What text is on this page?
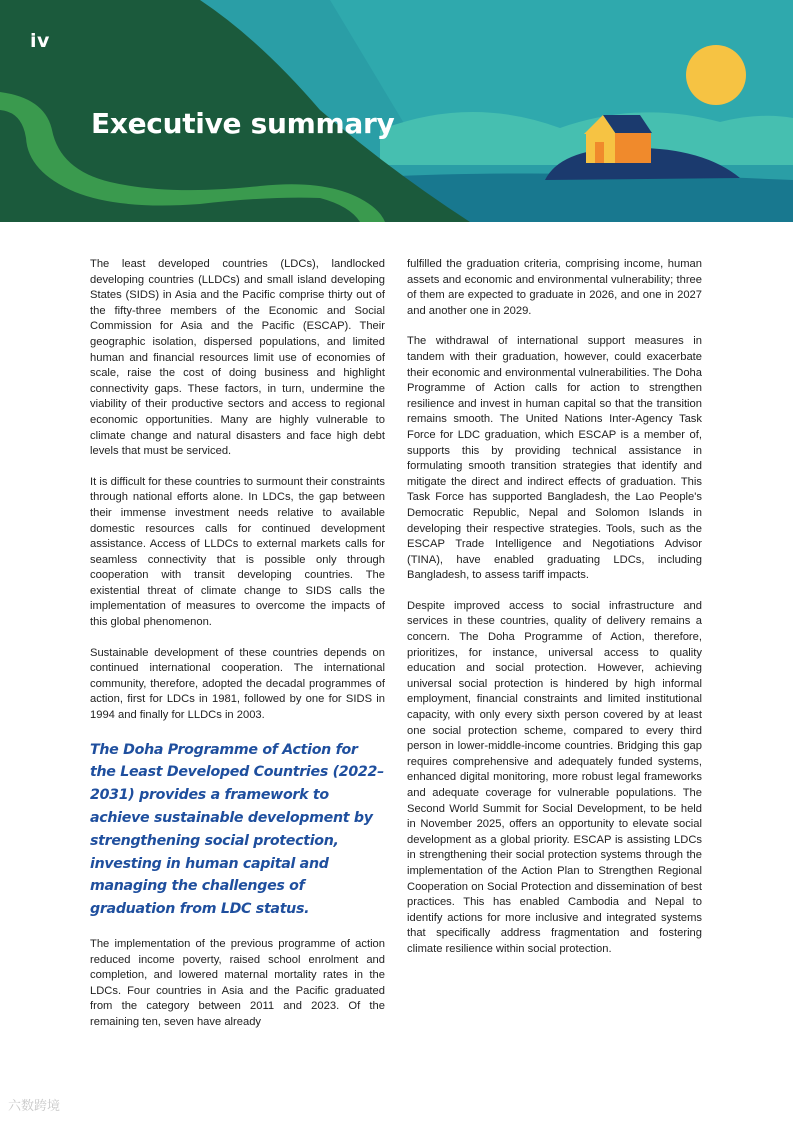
iv
Executive summary

The least developed countries (LDCs), landlocked developing countries (LLDCs) and small island developing States (SIDS) in Asia and the Pacific comprise thirty out of the fifty-three members of the Economic and Social Commission for Asia and the Pacific (ESCAP). Their geographic isolation, dispersed populations, and limited human and financial resources limit use of economies of scale, raise the cost of doing business and highlight connectivity gaps. These factors, in turn, undermine the viability of their productive sectors and access to regional economic opportunities. Many are highly vulnerable to climate change and natural disasters and face high debt levels that must be serviced.

It is difficult for these countries to surmount their constraints through national efforts alone. In LDCs, the gap between their immense investment needs relative to available domestic resources calls for continued development assistance. Access of LLDCs to external markets calls for seamless connectivity that is possible only through cooperation with transit developing countries. The existential threat of climate change to SIDS calls the implementation of measures to overcome the impacts of this global phenomenon.

Sustainable development of these countries depends on continued international cooperation. The international community, therefore, adopted the decadal programmes of action, first for LDCs in 1981, followed by one for SIDS in 1994 and finally for LLDCs in 2003.

The Doha Programme of Action for the Least Developed Countries (2022–2031) provides a framework to achieve sustainable development by strengthening social protection, investing in human capital and managing the challenges of graduation from LDC status.

The implementation of the previous programme of action reduced income poverty, raised school enrolment and completion, and lowered maternal mortality rates in the LDCs. Four countries in Asia and the Pacific graduated from the category between 2011 and 2023. Of the remaining ten, seven have already

fulfilled the graduation criteria, comprising income, human assets and economic and environmental vulnerability; three of them are expected to graduate in 2026, and one in 2027 and another one in 2029.

The withdrawal of international support measures in tandem with their graduation, however, could exacerbate their economic and environmental vulnerabilities. The Doha Programme of Action calls for action to strengthen resilience and invest in human capital so that the transition remains smooth. The United Nations Inter-Agency Task Force for LDC graduation, which ESCAP is a member of, supports this by providing technical assistance in formulating smooth transition strategies that identify and mitigate the direct and indirect effects of graduation. This Task Force has supported Bangladesh, the Lao People's Democratic Republic, Nepal and Solomon Islands in developing their respective strategies. Tools, such as the ESCAP Trade Intelligence and Negotiations Advisor (TINA), have enabled graduating LDCs, including Bangladesh, to assess tariff impacts.

Despite improved access to social infrastructure and services in these countries, quality of delivery remains a concern. The Doha Programme of Action, therefore, prioritizes, for instance, universal access to quality education and social protection. However, achieving universal social protection is hindered by high informal employment, financial constraints and limited institutional capacity, with only every sixth person covered by at least one social protection scheme, compared to every third person in lower-middle-income countries. Bridging this gap requires comprehensive and adequately funded systems, enhanced digital monitoring, more robust legal frameworks and adequate coverage for vulnerable populations. The Second World Summit for Social Development, to be held in November 2025, offers an opportunity to elevate social development as a global priority. ESCAP is assisting LDCs in strengthening their social protection systems through the implementation of the Action Plan to Strengthen Regional Cooperation on Social Protection and dissemination of best practices. This has enabled Cambodia and Nepal to identify actions for more inclusive and integrated systems that specifically address fragmentation and fostering climate resilience within social protection.

六数跨境
